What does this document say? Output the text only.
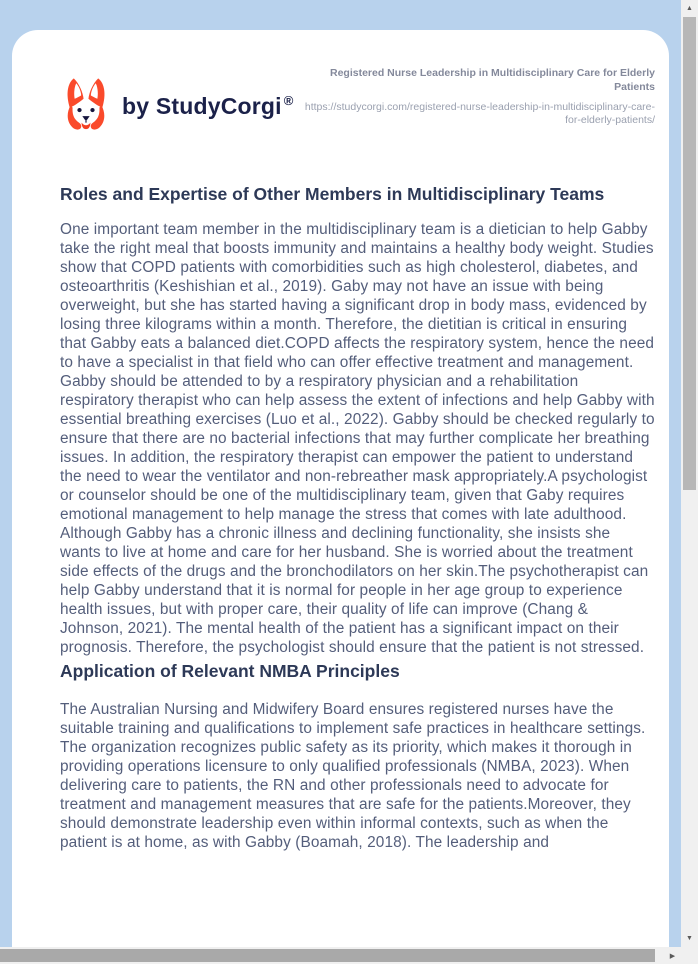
by StudyCorgi ®
Registered Nurse Leadership in Multidisciplinary Care for Elderly Patients
https://studycorgi.com/registered-nurse-leadership-in-multidisciplinary-care-for-elderly-patients/
Roles and Expertise of Other Members in Multidisciplinary Teams

One important team member in the multidisciplinary team is a dietician to help Gabby take the right meal that boosts immunity and maintains a healthy body weight. Studies show that COPD patients with comorbidities such as high cholesterol, diabetes, and osteoarthritis (Keshishian et al., 2019). Gaby may not have an issue with being overweight, but she has started having a significant drop in body mass, evidenced by losing three kilograms within a month. Therefore, the dietitian is critical in ensuring that Gabby eats a balanced diet.COPD affects the respiratory system, hence the need to have a specialist in that field who can offer effective treatment and management. Gabby should be attended to by a respiratory physician and a rehabilitation respiratory therapist who can help assess the extent of infections and help Gabby with essential breathing exercises (Luo et al., 2022). Gabby should be checked regularly to ensure that there are no bacterial infections that may further complicate her breathing issues. In addition, the respiratory therapist can empower the patient to understand the need to wear the ventilator and non-rebreather mask appropriately.A psychologist or counselor should be one of the multidisciplinary team, given that Gaby requires emotional management to help manage the stress that comes with late adulthood. Although Gabby has a chronic illness and declining functionality, she insists she wants to live at home and care for her husband. She is worried about the treatment side effects of the drugs and the bronchodilators on her skin.The psychotherapist can help Gabby understand that it is normal for people in her age group to experience health issues, but with proper care, their quality of life can improve (Chang & Johnson, 2021). The mental health of the patient has a significant impact on their prognosis. Therefore, the psychologist should ensure that the patient is not stressed.

Application of Relevant NMBA Principles

The Australian Nursing and Midwifery Board ensures registered nurses have the suitable training and qualifications to implement safe practices in healthcare settings. The organization recognizes public safety as its priority, which makes it thorough in providing operations licensure to only qualified professionals (NMBA, 2023). When delivering care to patients, the RN and other professionals need to advocate for treatment and management measures that are safe for the patients.Moreover, they should demonstrate leadership even within informal contexts, such as when the patient is at home, as with Gabby (Boamah, 2018). The leadership and

▲
▼
▶
